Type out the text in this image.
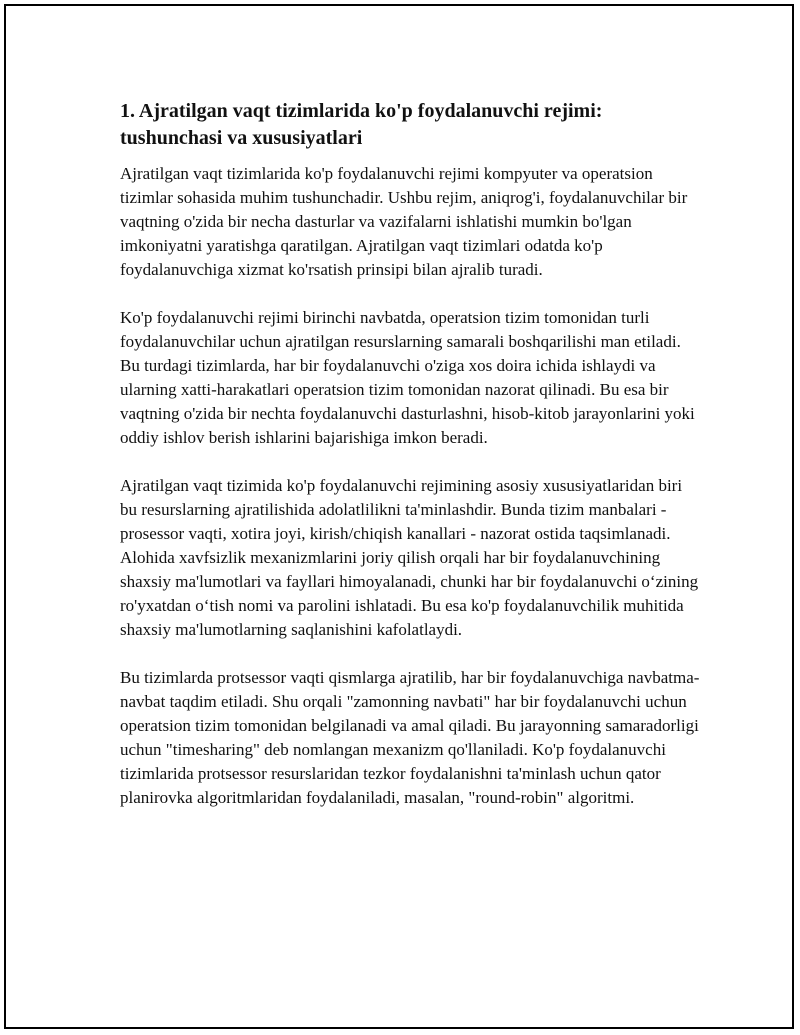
1. Ajratilgan vaqt tizimlarida ko'p foydalanuvchi rejimi: tushunchasi va xususiyatlari

Ajratilgan vaqt tizimlarida ko'p foydalanuvchi rejimi kompyuter va operatsion tizimlar sohasida muhim tushunchadir. Ushbu rejim, aniqrog'i, foydalanuvchilar bir vaqtning o'zida bir necha dasturlar va vazifalarni ishlatishi mumkin bo'lgan imkoniyatni yaratishga qaratilgan. Ajratilgan vaqt tizimlari odatda ko'p foydalanuvchiga xizmat ko'rsatish prinsipi bilan ajralib turadi.

Ko'p foydalanuvchi rejimi birinchi navbatda, operatsion tizim tomonidan turli foydalanuvchilar uchun ajratilgan resurslarning samarali boshqarilishi man etiladi. Bu turdagi tizimlarda, har bir foydalanuvchi o'ziga xos doira ichida ishlaydi va ularning xatti-harakatlari operatsion tizim tomonidan nazorat qilinadi. Bu esa bir vaqtning o'zida bir nechta foydalanuvchi dasturlashni, hisob-kitob jarayonlarini yoki oddiy ishlov berish ishlarini bajarishiga imkon beradi.

Ajratilgan vaqt tizimida ko'p foydalanuvchi rejimining asosiy xususiyatlaridan biri bu resurslarning ajratilishida adolatlilikni ta'minlashdir. Bunda tizim manbalari - prosessor vaqti, xotira joyi, kirish/chiqish kanallari - nazorat ostida taqsimlanadi. Alohida xavfsizlik mexanizmlarini joriy qilish orqali har bir foydalanuvchining shaxsiy ma'lumotlari va fayllari himoyalanadi, chunki har bir foydalanuvchi o‘zining ro'yxatdan o‘tish nomi va parolini ishlatadi. Bu esa ko'p foydalanuvchilik muhitida shaxsiy ma'lumotlarning saqlanishini kafolatlaydi.

Bu tizimlarda protsessor vaqti qismlarga ajratilib, har bir foydalanuvchiga navbatma-navbat taqdim etiladi. Shu orqali "zamonning navbati" har bir foydalanuvchi uchun operatsion tizim tomonidan belgilanadi va amal qiladi. Bu jarayonning samaradorligi uchun "timesharing" deb nomlangan mexanizm qo'llaniladi. Ko'p foydalanuvchi tizimlarida protsessor resurslaridan tezkor foydalanishni ta'minlash uchun qator planirovka algoritmlaridan foydalaniladi, masalan, "round-robin" algoritmi.
